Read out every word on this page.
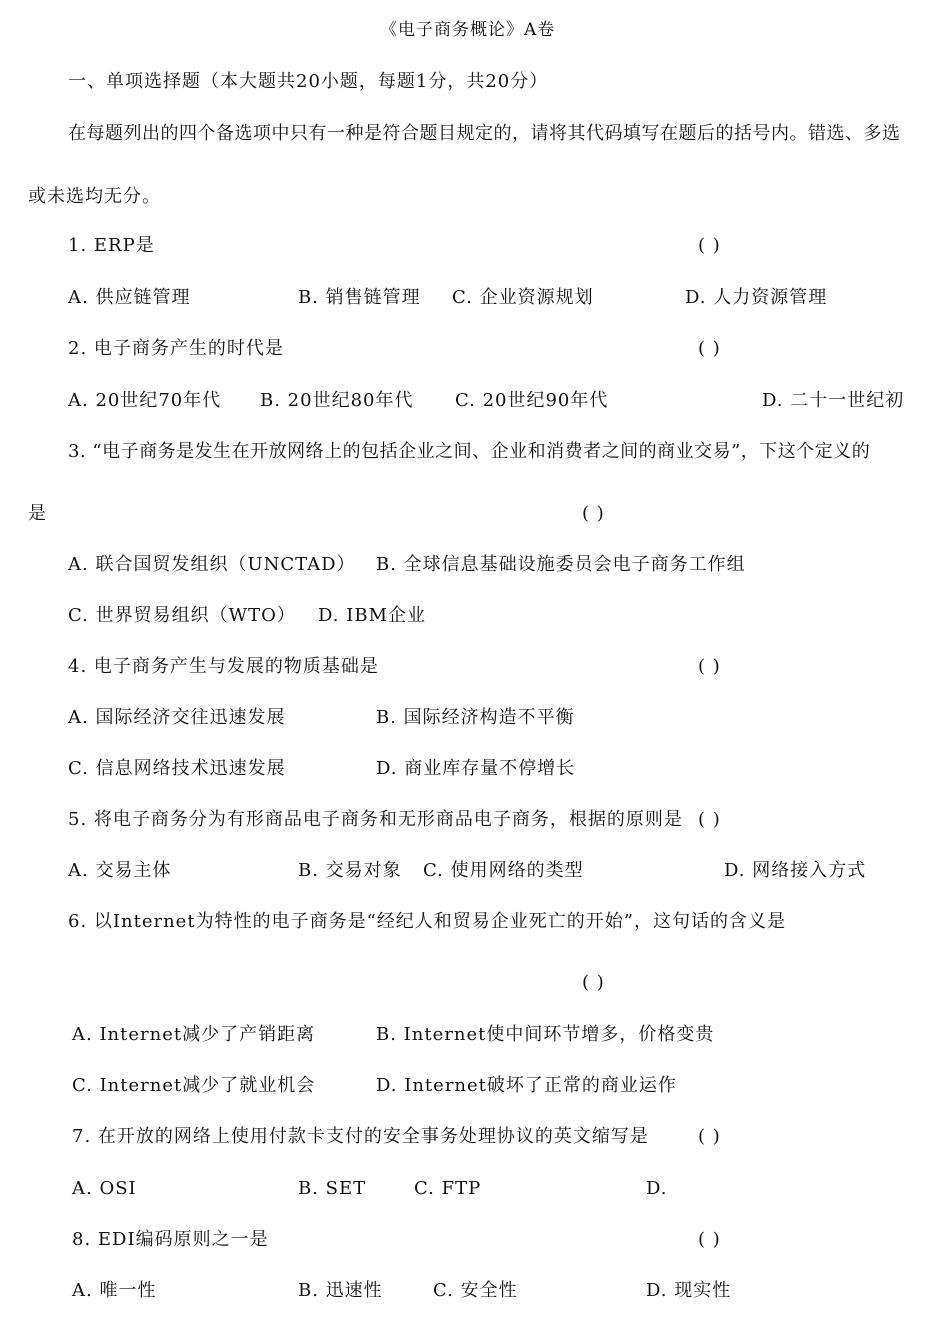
《电子商务概论》A卷
一、单项选择题（本大题共20小题，每题1分，共20分）
在每题列出的四个备选项中只有一种是符合题目规定的，请将其代码填写在题后的括号内。错选、多选
或未选均无分。
1. ERP是	( )
A. 供应链管理	B. 销售链管理 C. 企业资源规划	D. 人力资源管理
2. 电子商务产生的时代是	( )
A. 20世纪70年代 B. 20世纪80年代 C. 20世纪90年代	D. 二十一世纪初
3. “电子商务是发生在开放网络上的包括企业之间、企业和消费者之间的商业交易”，下这个定义的
是	( )
A. 联合国贸发组织（UNCTAD） B. 全球信息基础设施委员会电子商务工作组
C. 世界贸易组织（WTO） D. IBM企业
4. 电子商务产生与发展的物质基础是	( )
A. 国际经济交往迅速发展	B. 国际经济构造不平衡
C. 信息网络技术迅速发展	D. 商业库存量不停增长
5. 将电子商务分为有形商品电子商务和无形商品电子商务，根据的原则是 ( )
A. 交易主体	B. 交易对象 C. 使用网络的类型	D. 网络接入方式
6. 以Internet为特性的电子商务是“经纪人和贸易企业死亡的开始”，这句话的含义是
( )
A. Internet减少了产销距离	B. Internet使中间环节增多，价格变贵
C. Internet减少了就业机会	D. Internet破坏了正常的商业运作
7. 在开放的网络上使用付款卡支付的安全事务处理协议的英文缩写是	( )
A. OSI	B. SET	C. FTP	D.
8. EDI编码原则之一是	( )
A. 唯一性	B. 迅速性	C. 安全性	D. 现实性
